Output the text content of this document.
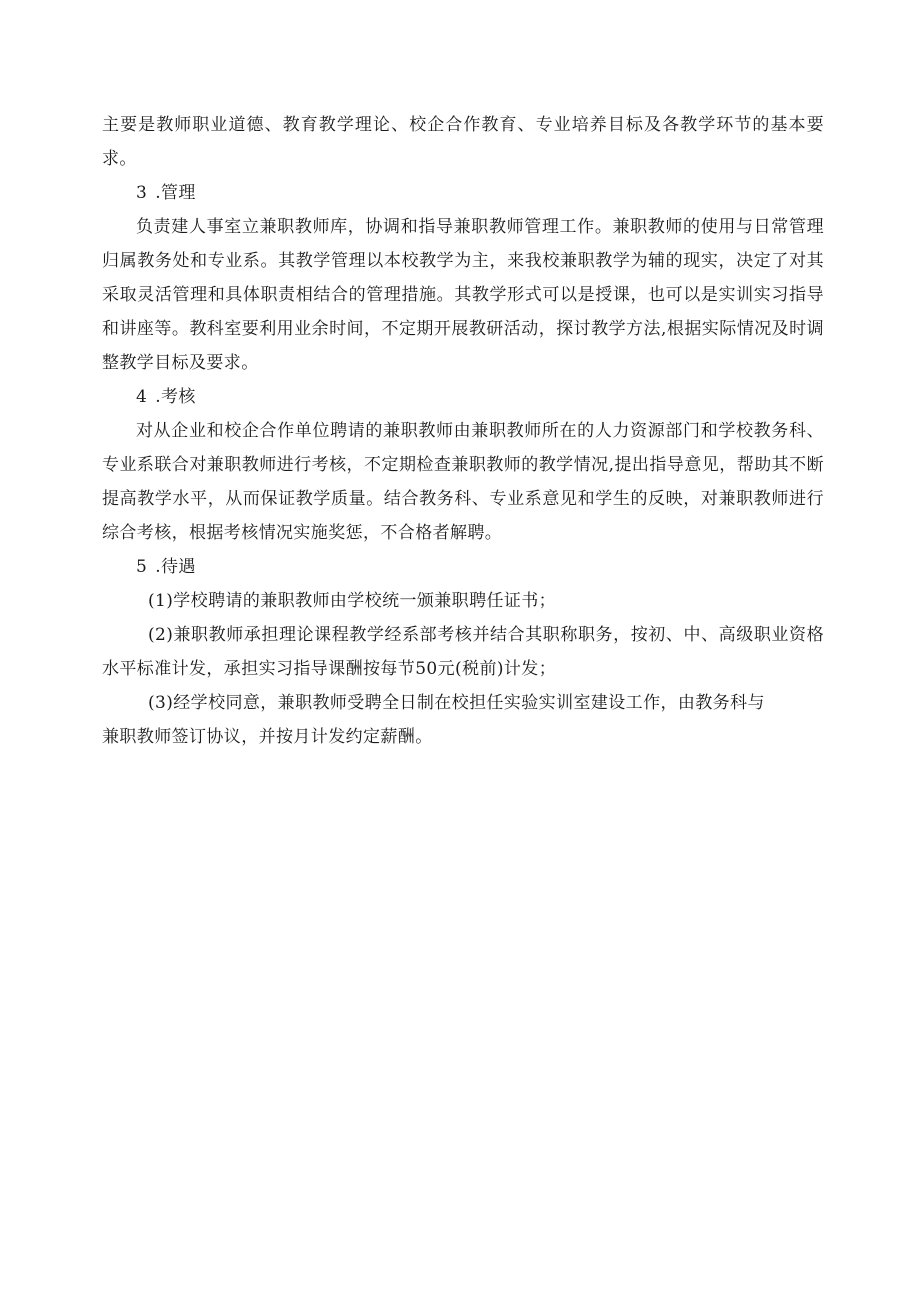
主要是教师职业道德、教育教学理论、校企合作教育、专业培养目标及各教学环节的基本要求。

3 .管理

负责建人事室立兼职教师库，协调和指导兼职教师管理工作。兼职教师的使用与日常管理归属教务处和专业系。其教学管理以本校教学为主，来我校兼职教学为辅的现实，决定了对其采取灵活管理和具体职责相结合的管理措施。其教学形式可以是授课，也可以是实训实习指导和讲座等。教科室要利用业余时间，不定期开展教研活动，探讨教学方法,根据实际情况及时调整教学目标及要求。

4 .考核

对从企业和校企合作单位聘请的兼职教师由兼职教师所在的人力资源部门和学校教务科、专业系联合对兼职教师进行考核，不定期检查兼职教师的教学情况,提出指导意见，帮助其不断提高教学水平，从而保证教学质量。结合教务科、专业系意见和学生的反映，对兼职教师进行综合考核，根据考核情况实施奖惩，不合格者解聘。

5 .待遇

(1)学校聘请的兼职教师由学校统一颁兼职聘任证书；

(2)兼职教师承担理论课程教学经系部考核并结合其职称职务，按初、中、高级职业资格水平标准计发，承担实习指导课酬按每节50元(税前)计发；

(3)经学校同意，兼职教师受聘全日制在校担任实验实训室建设工作，由教务科与

兼职教师签订协议，并按月计发约定薪酬。
